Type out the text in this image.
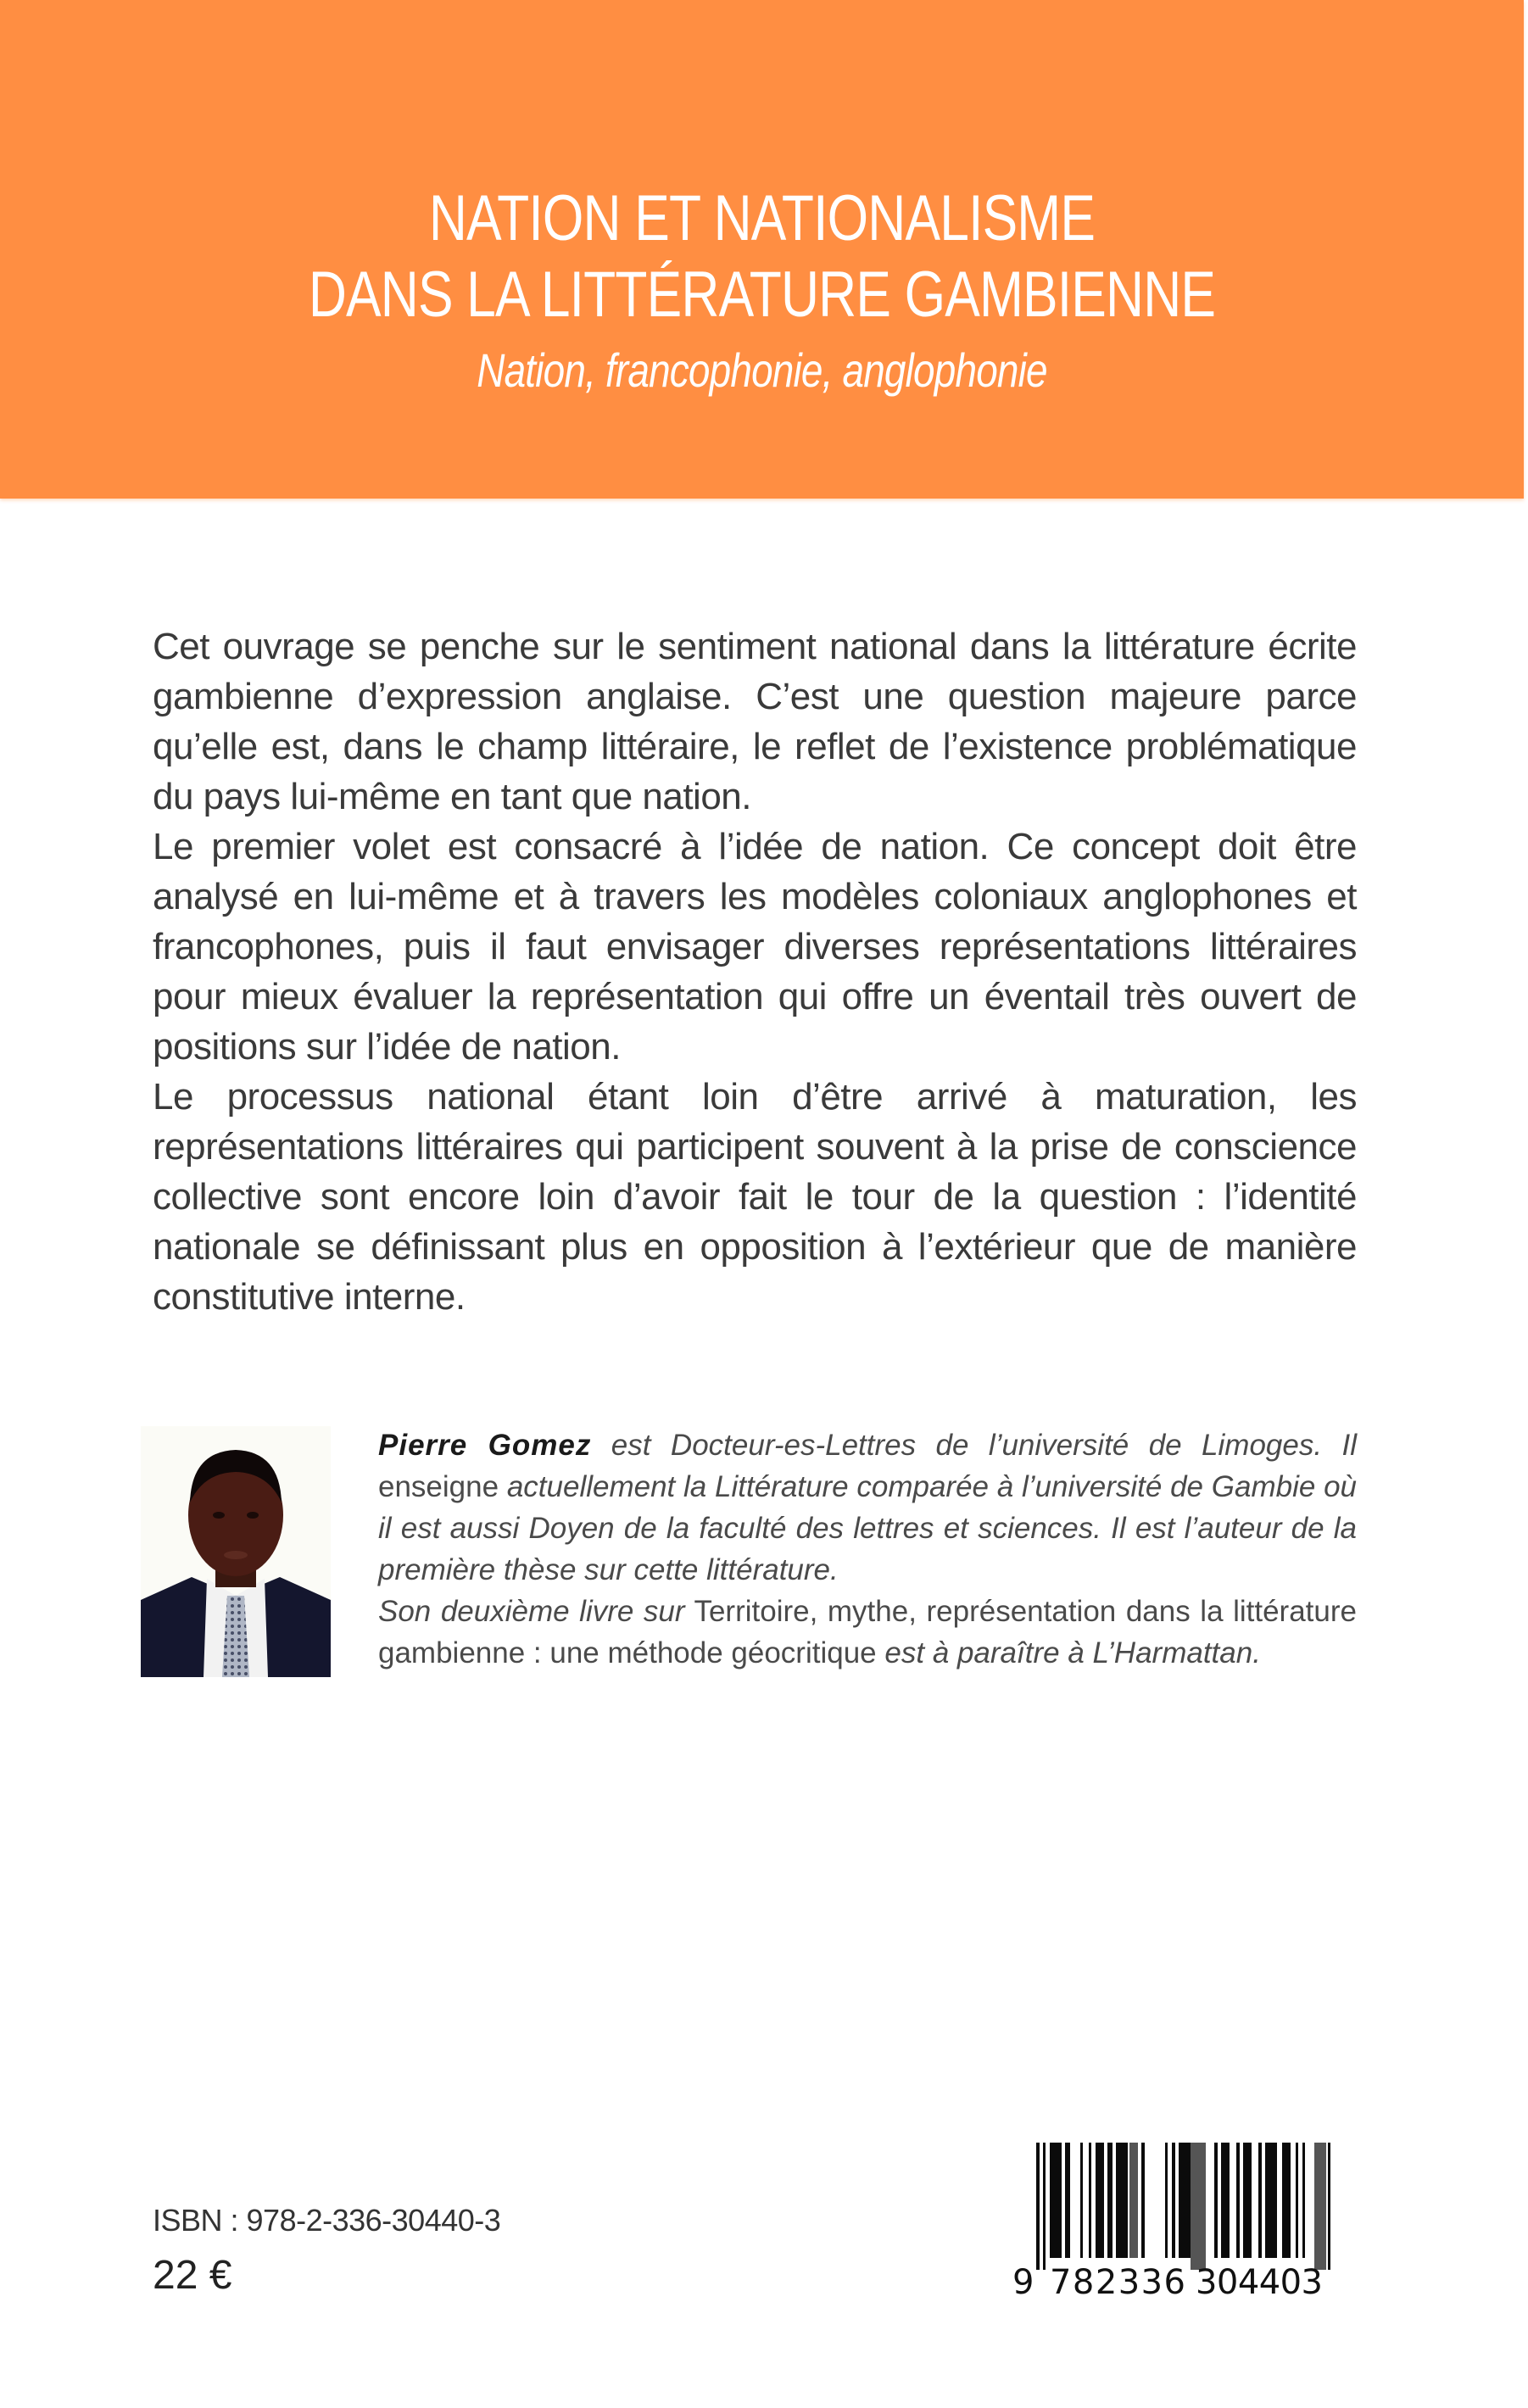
NATION ET NATIONALISME
DANS LA LITTÉRATURE GAMBIENNE
Nation, francophonie, anglophonie

Cet ouvrage se penche sur le sentiment national dans la littérature écrite gambienne d’expression anglaise. C’est une question majeure parce qu’elle est, dans le champ littéraire, le reflet de l’existence problématique du pays lui-même en tant que nation.

Le premier volet est consacré à l’idée de nation. Ce concept doit être analysé en lui-même et à travers les modèles coloniaux anglophones et francophones, puis il faut envisager diverses représentations littéraires pour mieux évaluer la représentation qui offre un éventail très ouvert de positions sur l’idée de nation.

Le processus national étant loin d’être arrivé à maturation, les représentations littéraires qui participent souvent à la prise de conscience collective sont encore loin d’avoir fait le tour de la question : l’identité nationale se définissant plus en opposition à l’extérieur que de manière constitutive interne.

Pierre Gomez est Docteur-es-Lettres de l’université de Limoges. Il enseigne actuellement la Littérature comparée à l’université de Gambie où il est aussi Doyen de la faculté des lettres et sciences. Il est l’auteur de la première thèse sur cette littérature.
Son deuxième livre sur Territoire, mythe, représentation dans la littérature gambienne : une méthode géocritique est à paraître à L’Harmattan.
ISBN : 978-2-336-30440-3
22 €	9 782336 304403
